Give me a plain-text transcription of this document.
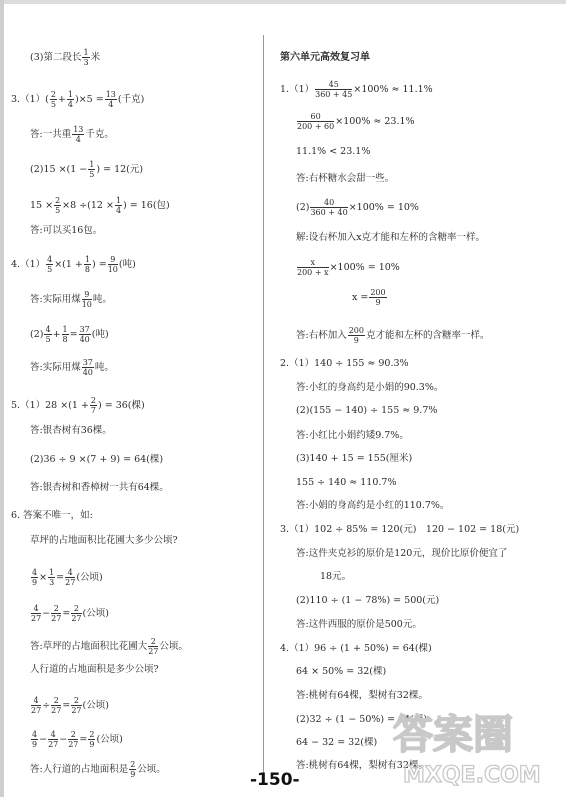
(3)第二段长 $\frac{1}{3}$ 米
$3.(1)( \frac{2}{5} + \frac{1}{4} )\times 5 = \frac{13}{4}$ (千克)
答:一共重 $\frac{13}{4}$ 千克。
$(2)15 \times(1 - \frac{1}{5}$ ) = 12(元)
$15 \times \frac{2}{5} \times 8 \div(12 \times \frac{1}{4}$ ) = 16(包)
答:可以买16包。
$4.(1) \frac{4}{5} \times(1 + \frac{1}{8}$ ) = $\frac{9}{10}$ (吨)
答:实际用煤 $\frac{9}{10}$ 吨。
$(2) \frac{4}{5} + \frac{1}{8} = \frac{37}{40}$ (吨)
答:实际用煤 $\frac{37}{40}$ 吨。
$5.(1)28 \times(1 + \frac{2}{7}$ ) = 36(棵)
答:银杏树有36棵。
(2)36 ÷ 9 ×(7 + 9) = 64(棵)
答:银杏树和香樟树一共有64棵。
6. 答案不唯一，如:
草坪的占地面积比花圃大多少公顷?
$\frac{4}{9} \times \frac{1}{3} = \frac{4}{27}$ (公顷)
$\frac{4}{27} - \frac{2}{27} = \frac{2}{27}$ (公顷)
答:草坪的占地面积比花圃大 $\frac{2}{27}$ 公顷。
人行道的占地面积是多少公顷?
$\frac{4}{27} \div \frac{2}{27} = \frac{2}{27}$ (公顷)
$\frac{4}{9} - \frac{4}{27} - \frac{2}{27} = \frac{2}{9}$ (公顷)
答:人行道的占地面积是 $\frac{2}{9}$ 公顷。
第六单元高效复习单
$1.(1) \frac{45}{360 + 45} \times 100\% \approx 11.1\%$
$\frac{60}{200 + 60} \times 100\% \approx 23.1\%$
11.1% < 23.1%
答:右杯糖水会甜一些。
$(2) \frac{40}{360 + 40} \times 100\% = 10\%$
解:设右杯加入x克才能和左杯的含糖率一样。
$\frac{x}{200 + x} \times 100\% = 10\%$
$x = \frac{200}{9}$
答:右杯加入 $\frac{200}{9}$ 克才能和左杯的含糖率一样。
2.（1）140 ÷ 155 ≈ 90.3%
答:小红的身高约是小娟的90.3%。
(2)(155 − 140) ÷ 155 ≈ 9.7%
答:小红比小娟约矮9.7%。
(3)140 + 15 = 155(厘米)
155 ÷ 140 ≈ 110.7%
答:小娟的身高约是小红的110.7%。
3.（1）102 ÷ 85% = 120(元)　120 − 102 = 18(元)
答:这件夹克衫的原价是120元，现价比原价便宜了
18元。
(2)110 ÷ (1 − 78%) = 500(元)
答:这件西服的原价是500元。
4.（1）96 ÷ (1 + 50%) = 64(棵)
64 × 50% = 32(棵)
答:桃树有64棵，梨树有32棵。
(2)32 ÷ (1 − 50%) = 64(棵)
64 − 32 = 32(棵)
答:桃树有64棵，梨树有32棵。
答案圈
MXQE.COM
-150-
